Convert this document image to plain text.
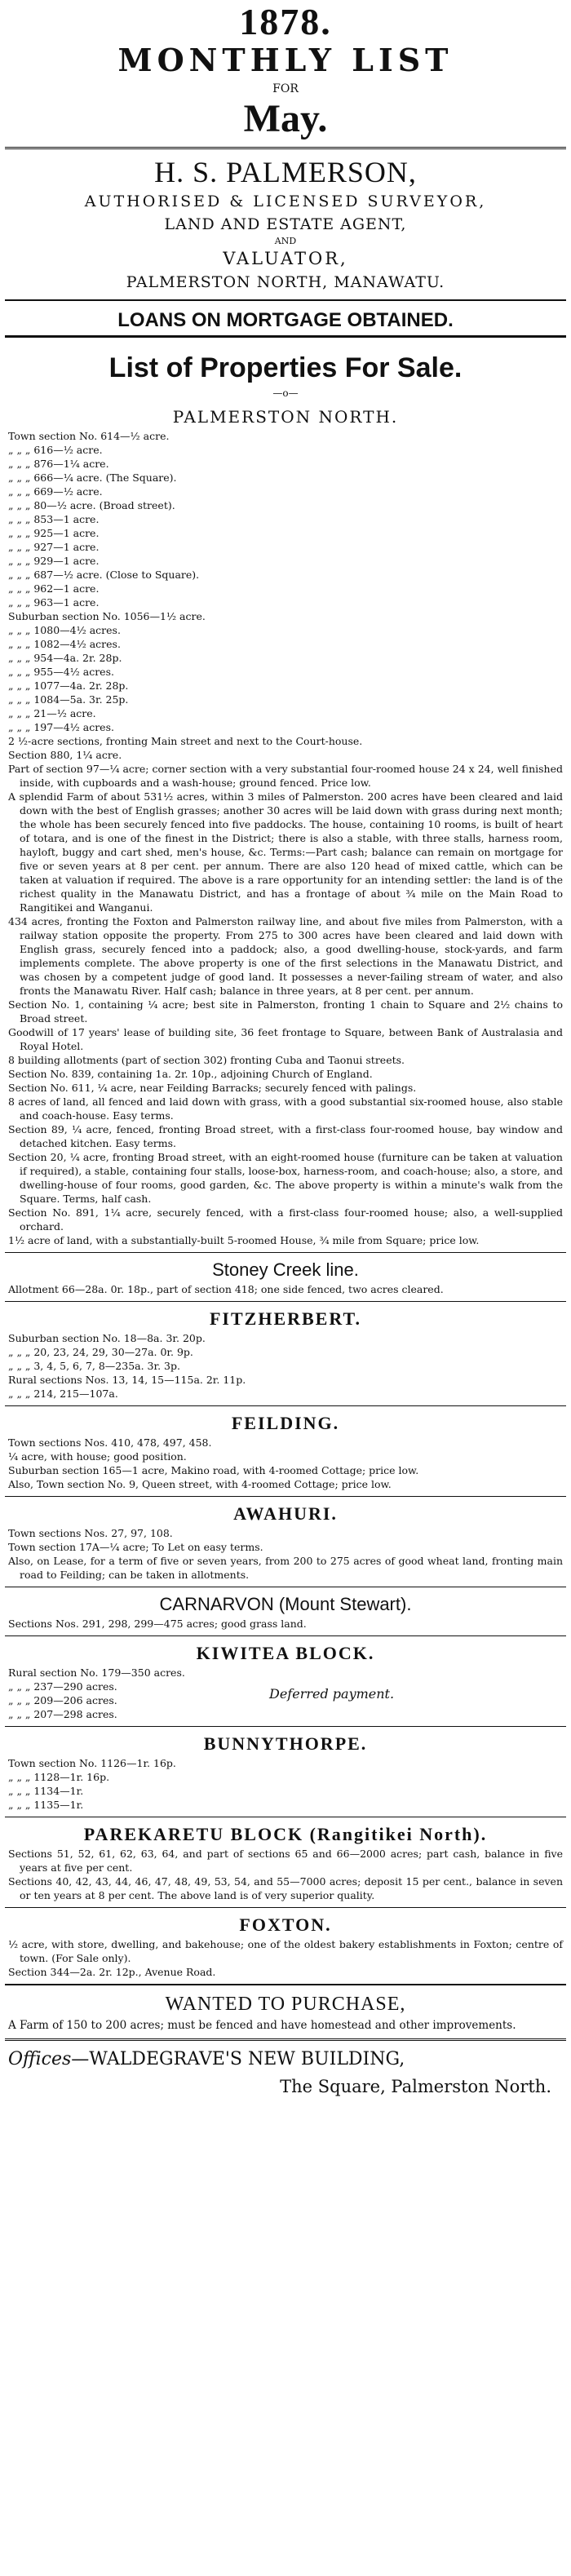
1878.
MONTHLY LIST
FOR
May.
H. S. PALMERSON,
AUTHORISED & LICENSED SURVEYOR,
LAND AND ESTATE AGENT,
AND
VALUATOR,
PALMERSTON NORTH, MANAWATU.
LOANS ON MORTGAGE OBTAINED.
List of Properties For Sale.
—o—
PALMERSTON NORTH.
Town section No. 614—½ acre.
„ „ „ 616—½ acre.
„ „ „ 876—1¼ acre.
„ „ „ 666—¼ acre. (The Square).
„ „ „ 669—½ acre.
„ „ „ 80—½ acre. (Broad street).
„ „ „ 853—1 acre.
„ „ „ 925—1 acre.
„ „ „ 927—1 acre.
„ „ „ 929—1 acre.
„ „ „ 687—½ acre. (Close to Square).
„ „ „ 962—1 acre.
„ „ „ 963—1 acre.
Suburban section No. 1056—1½ acre.
„ „ „ 1080—4½ acres.
„ „ „ 1082—4½ acres.
„ „ „ 954—4a. 2r. 28p.
„ „ „ 955—4½ acres.
„ „ „ 1077—4a. 2r. 28p.
„ „ „ 1084—5a. 3r. 25p.
„ „ „ 21—½ acre.
„ „ „ 197—4½ acres.
2 ½-acre sections, fronting Main street and next to the Court-house.
Section 880, 1¼ acre.
Part of section 97—¼ acre; corner section with a very substantial four-roomed house 24 x 24, well finished inside, with cupboards and a wash-house; ground fenced. Price low.
A splendid Farm of about 531½ acres, within 3 miles of Palmerston. 200 acres have been cleared and laid down with the best of English grasses; another 30 acres will be laid down with grass during next month; the whole has been securely fenced into five paddocks. The house, containing 10 rooms, is built of heart of totara, and is one of the finest in the District; there is also a stable, with three stalls, harness room, hayloft, buggy and cart shed, men's house, &c. Terms:—Part cash; balance can remain on mortgage for five or seven years at 8 per cent. per annum. There are also 120 head of mixed cattle, which can be taken at valuation if required. The above is a rare opportunity for an intending settler: the land is of the richest quality in the Manawatu District, and has a frontage of about ¾ mile on the Main Road to Rangitikei and Wanganui.
434 acres, fronting the Foxton and Palmerston railway line, and about five miles from Palmerston, with a railway station opposite the property. From 275 to 300 acres have been cleared and laid down with English grass, securely fenced into a paddock; also, a good dwelling-house, stock-yards, and farm implements complete. The above property is one of the first selections in the Manawatu District, and was chosen by a competent judge of good land. It possesses a never-failing stream of water, and also fronts the Manawatu River. Half cash; balance in three years, at 8 per cent. per annum.
Section No. 1, containing ¼ acre; best site in Palmerston, fronting 1 chain to Square and 2½ chains to Broad street.
Goodwill of 17 years' lease of building site, 36 feet frontage to Square, between Bank of Australasia and Royal Hotel.
8 building allotments (part of section 302) fronting Cuba and Taonui streets.
Section No. 839, containing 1a. 2r. 10p., adjoining Church of England.
Section No. 611, ¼ acre, near Feilding Barracks; securely fenced with palings.
8 acres of land, all fenced and laid down with grass, with a good substantial six-roomed house, also stable and coach-house. Easy terms.
Section 89, ¼ acre, fenced, fronting Broad street, with a first-class four-roomed house, bay window and detached kitchen. Easy terms.
Section 20, ¼ acre, fronting Broad street, with an eight-roomed house (furniture can be taken at valuation if required), a stable, containing four stalls, loose-box, harness-room, and coach-house; also, a store, and dwelling-house of four rooms, good garden, &c. The above property is within a minute's walk from the Square. Terms, half cash.
Section No. 891, 1¼ acre, securely fenced, with a first-class four-roomed house; also, a well-supplied orchard.
1½ acre of land, with a substantially-built 5-roomed House, ¾ mile from Square; price low.
Stoney Creek line.
Allotment 66—28a. 0r. 18p., part of section 418; one side fenced, two acres cleared.
FITZHERBERT.
Suburban section No. 18—8a. 3r. 20p.
„ „ „ 20, 23, 24, 29, 30—27a. 0r. 9p.
„ „ „ 3, 4, 5, 6, 7, 8—235a. 3r. 3p.
Rural sections Nos. 13, 14, 15—115a. 2r. 11p.
„ „ „ 214, 215—107a.
FEILDING.
Town sections Nos. 410, 478, 497, 458.
¼ acre, with house; good position.
Suburban section 165—1 acre, Makino road, with 4-roomed Cottage; price low.
Also, Town section No. 9, Queen street, with 4-roomed Cottage; price low.
AWAHURI.
Town sections Nos. 27, 97, 108.
Town section 17A—¼ acre; To Let on easy terms.
Also, on Lease, for a term of five or seven years, from 200 to 275 acres of good wheat land, fronting main road to Feilding; can be taken in allotments.
CARNARVON (Mount Stewart).
Sections Nos. 291, 298, 299—475 acres; good grass land.
KIWITEA BLOCK.
Rural section No. 179—350 acres.
„ „ „ 237—290 acres.
„ „ „ 209—206 acres.
„ „ „ 207—298 acres.
Deferred payment.
BUNNYTHORPE.
Town section No. 1126—1r. 16p.
„ „ „ 1128—1r. 16p.
„ „ „ 1134—1r.
„ „ „ 1135—1r.
PAREKARETU BLOCK (Rangitikei North).
Sections 51, 52, 61, 62, 63, 64, and part of sections 65 and 66—2000 acres; part cash, balance in five years at five per cent.
Sections 40, 42, 43, 44, 46, 47, 48, 49, 53, 54, and 55—7000 acres; deposit 15 per cent., balance in seven or ten years at 8 per cent. The above land is of very superior quality.
FOXTON.
½ acre, with store, dwelling, and bakehouse; one of the oldest bakery establishments in Foxton; centre of town. (For Sale only).
Section 344—2a. 2r. 12p., Avenue Road.
WANTED TO PURCHASE,
A Farm of 150 to 200 acres; must be fenced and have homestead and other improvements.
Offices—WALDEGRAVE'S NEW BUILDING,
The Square, Palmerston North.
